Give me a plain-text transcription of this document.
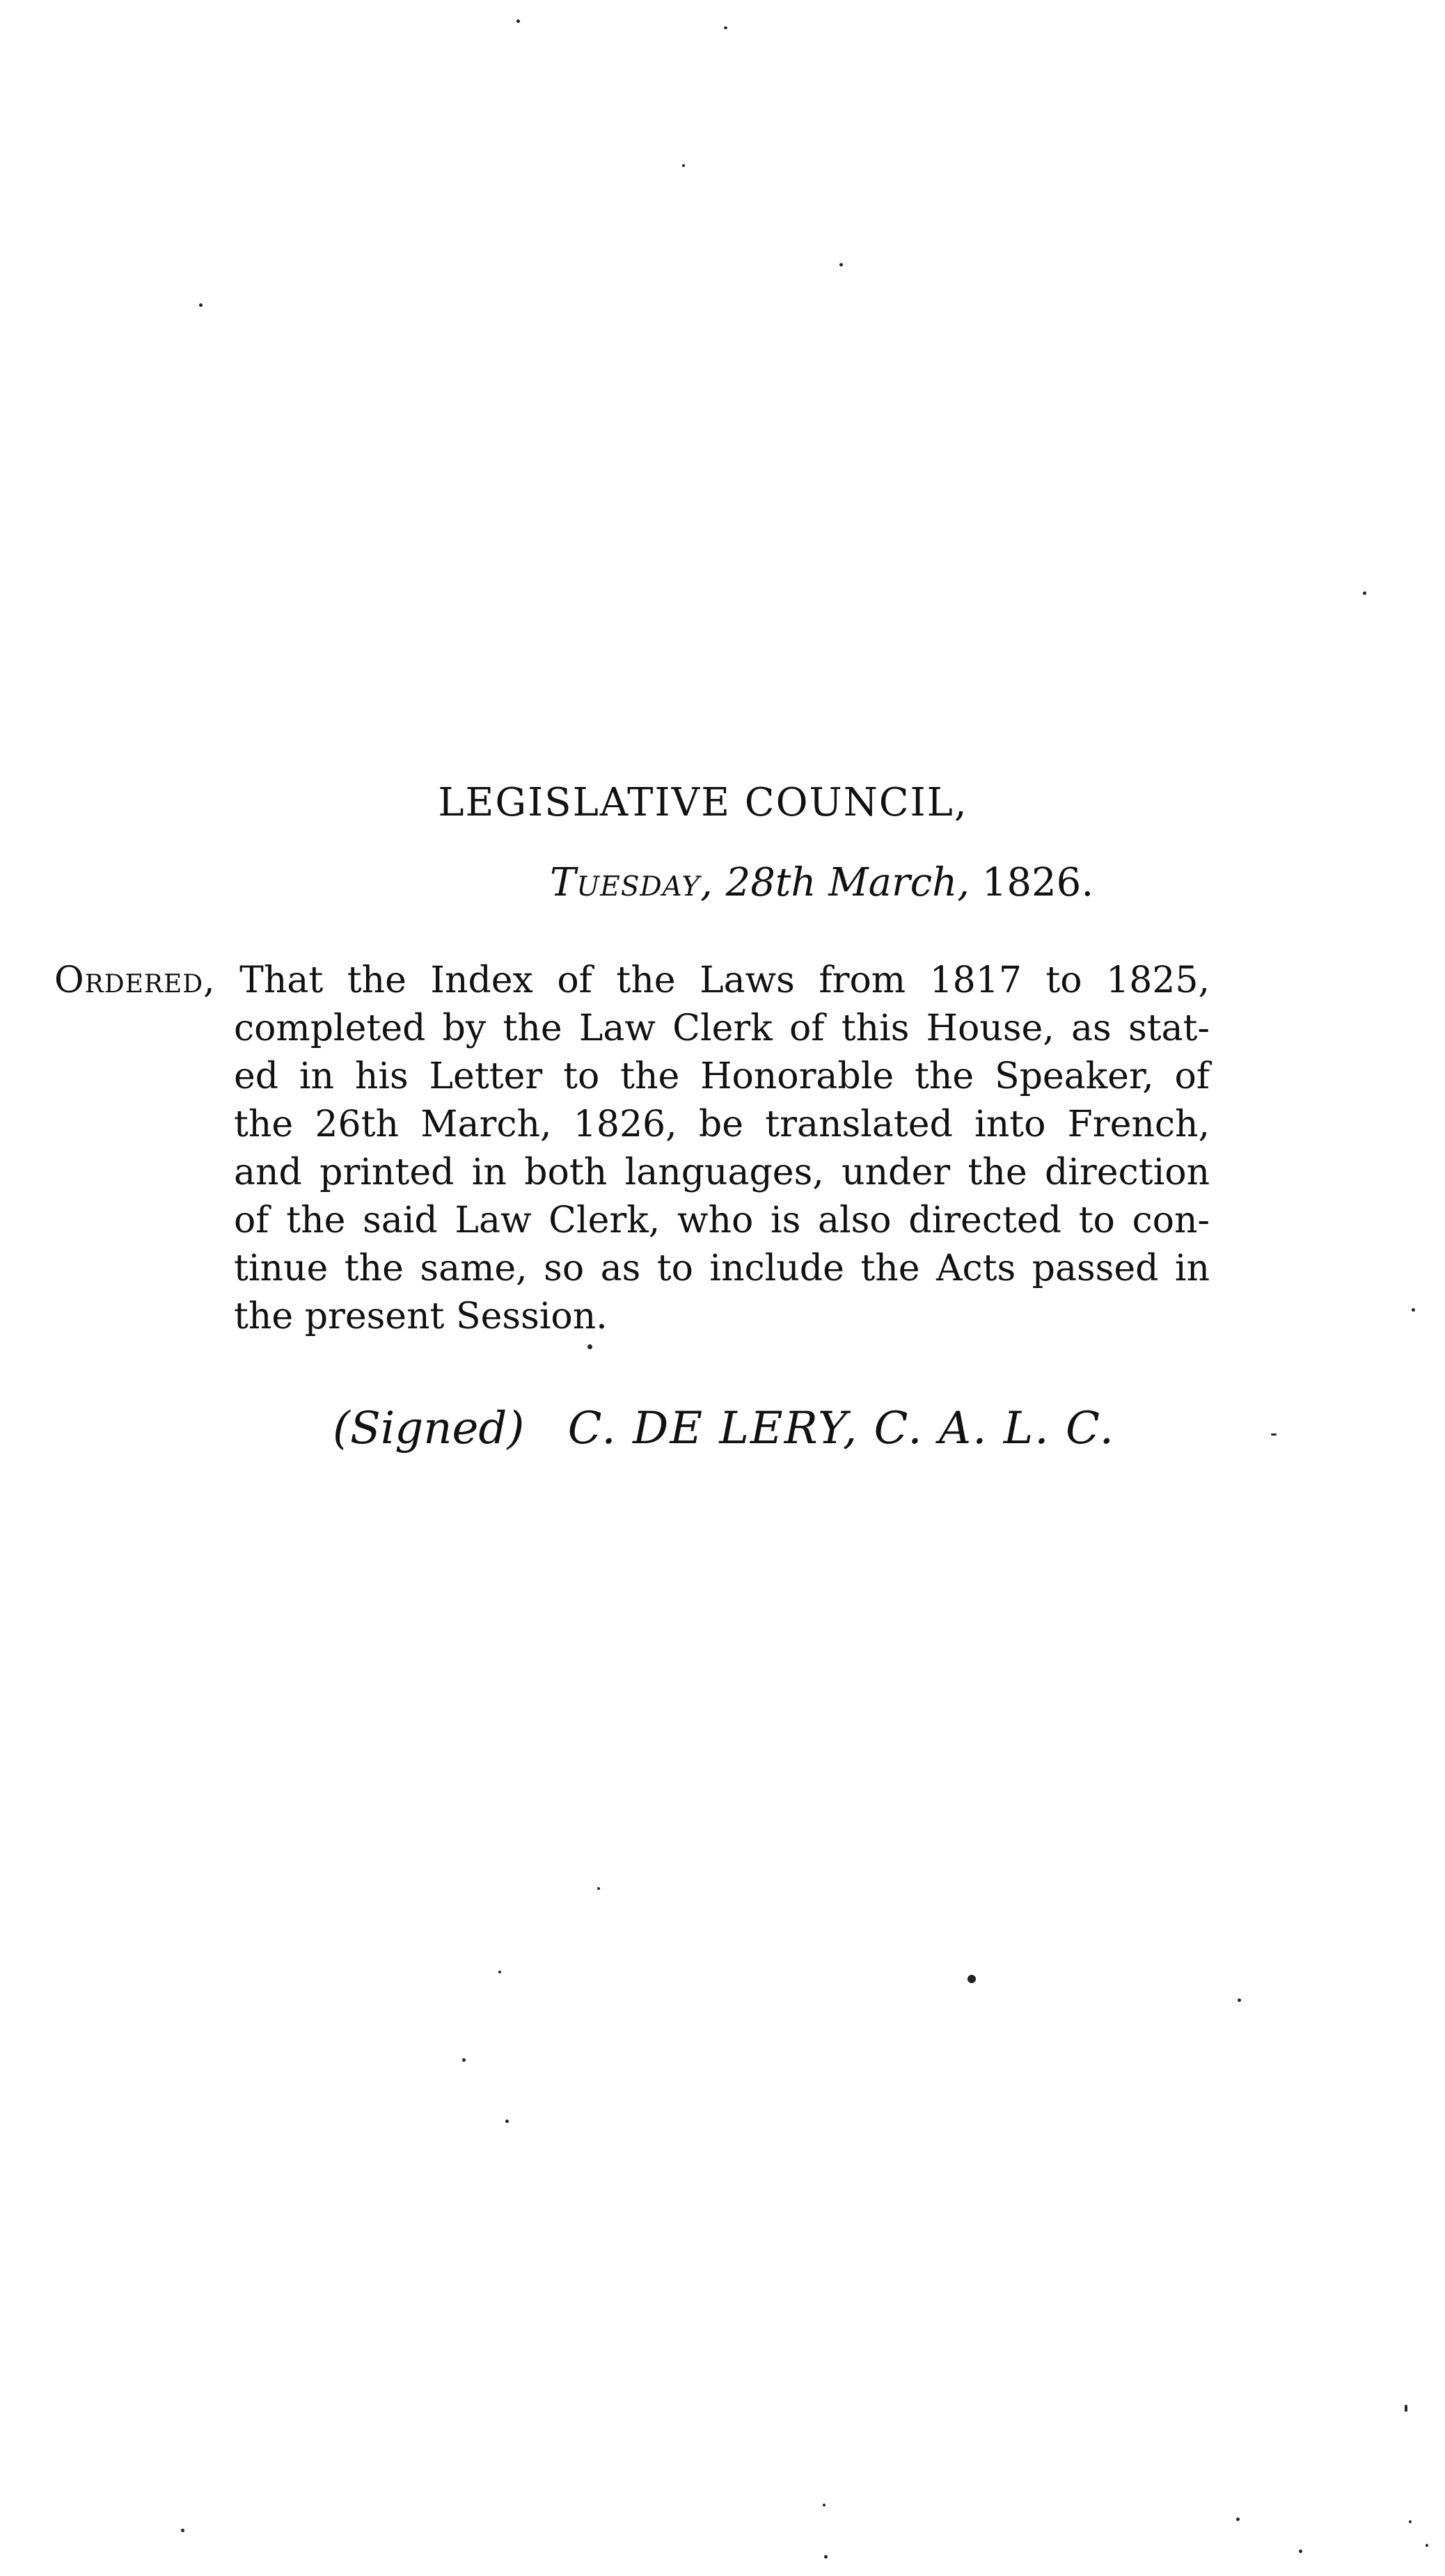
LEGISLATIVE COUNCIL,
Tuesday, 28th March, 1826.
Ordered, That the Index of the Laws from 1817 to 1825,
completed by the Law Clerk of this House, as stat-
ed in his Letter to the Honorable the Speaker, of
the 26th March, 1826, be translated into French,
and printed in both languages, under the direction
of the said Law Clerk, who is also directed to con-
tinue the same, so as to include the Acts passed in
the present Session.
(Signed) C. DE LERY, C. A. L. C.
